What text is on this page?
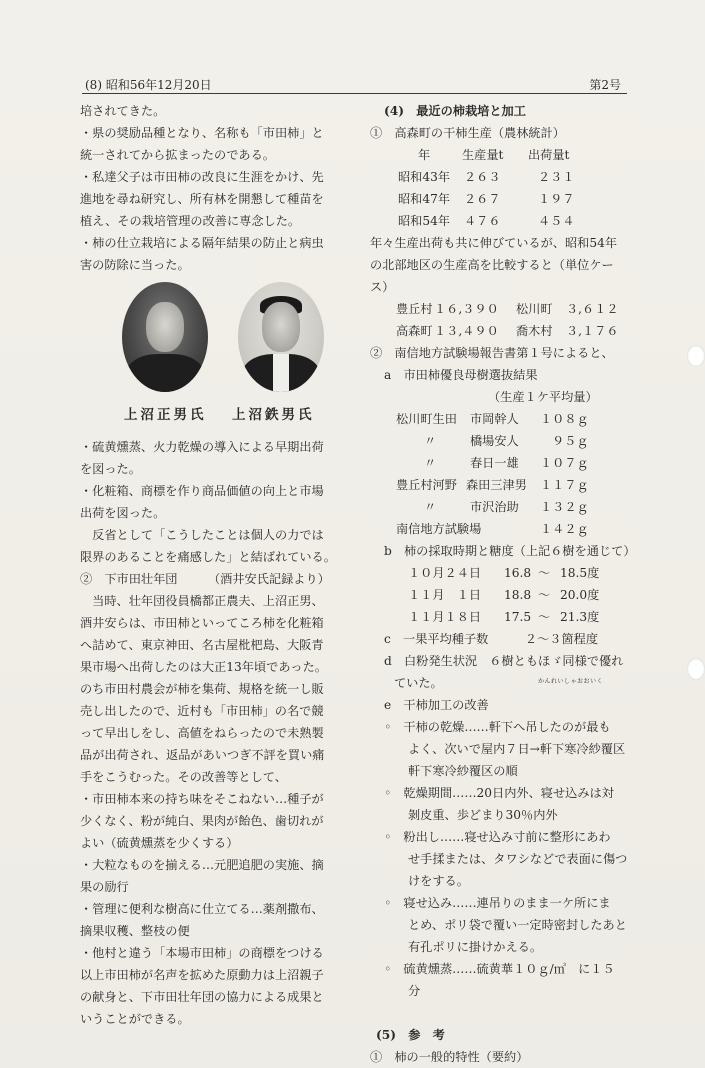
(8) 昭和56年12月20日	第2号
培されてきた。
・県の奨励品種となり、名称も「市田柿」と
統一されてから拡まったのである。
・私達父子は市田柿の改良に生涯をかけ、先
進地を尋ね研究し、所有林を開懇して種苗を
植え、その栽培管理の改善に専念した。
・柿の仕立栽培による隔年結果の防止と病虫
害の防除に当った。
上沼正男氏 上沼鉄男氏
・硫黄燻蒸、火力乾燥の導入による早期出荷
を図った。
・化粧箱、商標を作り商品価値の向上と市場
出荷を図った。
　反省として「こうしたことは個人の力では
限界のあることを痛感した」と結ばれている。
②　下市田壮年団　　　（酒井安氏記録より）
　当時、壮年団役員橋都正農夫、上沼正男、
酒井安らは、市田柿といってころ柿を化粧箱
へ詰めて、東京神田、名古屋枇杷島、大阪青
果市場へ出荷したのは大正13年頃であった。
のち市田村農会が柿を集荷、規格を統一し販
売し出したので、近村も「市田柿」の名で競
って早出しをし、高値をねらったので未熟製
品が出荷され、返品があいつぎ不評を買い痛
手をこうむった。その改善等として、
・市田柿本来の持ち味をそこねない…種子が
少くなく、粉が純白、果肉が飴色、歯切れが
よい（硫黄燻蒸を少くする）
・大粒なものを揃える…元肥追肥の実施、摘
果の励行
・管理に便利な樹高に仕立てる…薬剤撒布、
摘果収穫、整枝の便
・他村と違う「本場市田柿」の商標をつける
以上市田柿が名声を拡めた原動力は上沼親子
の献身と、下市田壮年団の協力による成果と
いうことができる。
(4)　最近の柿栽培と加工
①　高森町の干柿生産（農林統計）
年	生産量t 出荷量t
昭和43年 ２６３	２３１
昭和47年 ２６７	１９７
昭和54年 ４７６	４５４
年々生産出荷も共に伸びているが、昭和54年
の北部地区の生産高を比較すると（単位ケー
ス）
豊丘村 １６,３９０ 松川町 ３,６１２
高森町 １３,４９０ 喬木村 ３,１７６
②　南信地方試験場報告書第１号によると、
a　市田柿優良母樹選抜結果
（生産１ケ平均量）
松川町生田 市岡幹人 １０８ｇ
〃	橋場安人	９５ｇ
〃	春日一雄 １０７ｇ
豊丘村河野 森田三津男 １１７ｇ
〃	市沢治助 １３２ｇ
南信地方試験場	１４２ｇ
b　柿の採取時期と糖度（上記６樹を通じて）
１０月２４日 16.8 〜 18.5度
１１月　１日 18.8 〜 20.0度
１１月１８日 17.5 〜 21.3度
c　一果平均種子数　　　２〜３箇程度
d　白粉発生状況　６樹ともほゞ同様で優れ
ていた。
e　干柿加工の改善
◦　干柿の乾燥……軒下へ吊したのが最も
よく、次いで屋内７日→軒下寒冷紗覆区
軒下寒冷紗覆区の順
◦　乾燥期間……20日内外、寝せ込みは対
剝皮重、歩どまり30％内外
◦　粉出し……寝せ込み寸前に整形にあわ
せ手揉または、タワシなどで表面に傷つ
けをする。
◦　寝せ込み……連吊りのまま一ケ所にま
とめ、ポリ袋で覆い一定時密封したあと
有孔ポリに掛けかえる。
◦　硫黄燻蒸……硫黄華１０ｇ/㎥　に１５
分
(5)　参　考
①　柿の一般的特性（要約）
かんれいしゃおおいく
